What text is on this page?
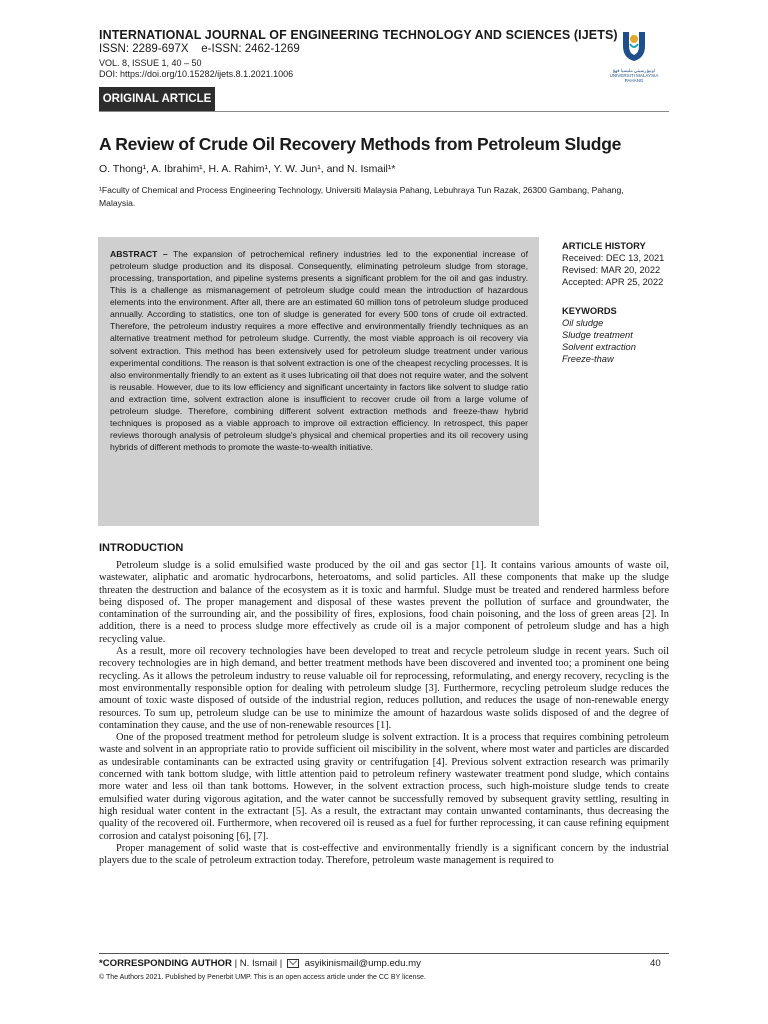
INTERNATIONAL JOURNAL OF ENGINEERING TECHNOLOGY AND SCIENCES (IJETS)
ISSN: 2289-697X    e-ISSN: 2462-1269
VOL. 8, ISSUE 1, 40 – 50
DOI: https://doi.org/10.15282/ijets.8.1.2021.1006	اونيۏرسيتي مليسيا قهڠ
UNIVERSITI MALAYSIA PAHANG
ORIGINAL ARTICLE
A Review of Crude Oil Recovery Methods from Petroleum Sludge
O. Thong¹, A. Ibrahim¹, H. A. Rahim¹, Y. W. Jun¹, and N. Ismail¹*
¹Faculty of Chemical and Process Engineering Technology, Universiti Malaysia Pahang, Lebuhraya Tun Razak, 26300 Gambang, Pahang, Malaysia.
ABSTRACT – The expansion of petrochemical refinery industries led to the exponential increase of petroleum sludge production and its disposal. Consequently, eliminating petroleum sludge from storage, processing, transportation, and pipeline systems presents a significant problem for the oil and gas industry. This is a challenge as mismanagement of petroleum sludge could mean the introduction of hazardous elements into the environment. After all, there are an estimated 60 million tons of petroleum sludge produced annually. According to statistics, one ton of sludge is generated for every 500 tons of crude oil extracted. Therefore, the petroleum industry requires a more effective and environmentally friendly techniques as an alternative treatment method for petroleum sludge. Currently, the most viable approach is oil recovery via solvent extraction. This method has been extensively used for petroleum sludge treatment under various experimental conditions. The reason is that solvent extraction is one of the cheapest recycling processes. It is also environmentally friendly to an extent as it uses lubricating oil that does not require water, and the solvent is reusable. However, due to its low efficiency and significant uncertainty in factors like solvent to sludge ratio and extraction time, solvent extraction alone is insufficient to recover crude oil from a large volume of petroleum sludge. Therefore, combining different solvent extraction methods and freeze-thaw hybrid techniques is proposed as a viable approach to improve oil extraction efficiency. In retrospect, this paper reviews thorough analysis of petroleum sludge's physical and chemical properties and its oil recovery using hybrids of different methods to promote the waste-to-wealth initiative.
ARTICLE HISTORY
Received: DEC 13, 2021
Revised: MAR 20, 2022
Accepted: APR 25, 2022
KEYWORDS
Oil sludge
Sludge treatment
Solvent extraction
Freeze-thaw
INTRODUCTION

Petroleum sludge is a solid emulsified waste produced by the oil and gas sector [1]. It contains various amounts of waste oil, wastewater, aliphatic and aromatic hydrocarbons, heteroatoms, and solid particles. All these components that make up the sludge threaten the destruction and balance of the ecosystem as it is toxic and harmful. Sludge must be treated and rendered harmless before being disposed of. The proper management and disposal of these wastes prevent the pollution of surface and groundwater, the contamination of the surrounding air, and the possibility of fires, explosions, food chain poisoning, and the loss of green areas [2]. In addition, there is a need to process sludge more effectively as crude oil is a major component of petroleum sludge and has a high recycling value.

As a result, more oil recovery technologies have been developed to treat and recycle petroleum sludge in recent years. Such oil recovery technologies are in high demand, and better treatment methods have been discovered and invented too; a prominent one being recycling. As it allows the petroleum industry to reuse valuable oil for reprocessing, reformulating, and energy recovery, recycling is the most environmentally responsible option for dealing with petroleum sludge [3]. Furthermore, recycling petroleum sludge reduces the amount of toxic waste disposed of outside of the industrial region, reduces pollution, and reduces the usage of non-renewable energy resources. To sum up, petroleum sludge can be use to minimize the amount of hazardous waste solids disposed of and the degree of contamination they cause, and the use of non-renewable resources [1].

One of the proposed treatment method for petroleum sludge is solvent extraction. It is a process that requires combining petroleum waste and solvent in an appropriate ratio to provide sufficient oil miscibility in the solvent, where most water and particles are discarded as undesirable contaminants can be extracted using gravity or centrifugation [4]. Previous solvent extraction research was primarily concerned with tank bottom sludge, with little attention paid to petroleum refinery wastewater treatment pond sludge, which contains more water and less oil than tank bottoms. However, in the solvent extraction process, such high-moisture sludge tends to create emulsified water during vigorous agitation, and the water cannot be successfully removed by subsequent gravity settling, resulting in high residual water content in the extractant [5]. As a result, the extractant may contain unwanted contaminants, thus decreasing the quality of the recovered oil. Furthermore, when recovered oil is reused as a fuel for further reprocessing, it can cause refining equipment corrosion and catalyst poisoning [6], [7].

Proper management of solid waste that is cost-effective and environmentally friendly is a significant concern by the industrial players due to the scale of petroleum extraction today. Therefore, petroleum waste management is required to

*CORRESPONDING AUTHOR | N. Ismail | asyikinismail@ump.edu.my	40
© The Authors 2021. Published by Penerbit UMP. This is an open access article under the CC BY license.
